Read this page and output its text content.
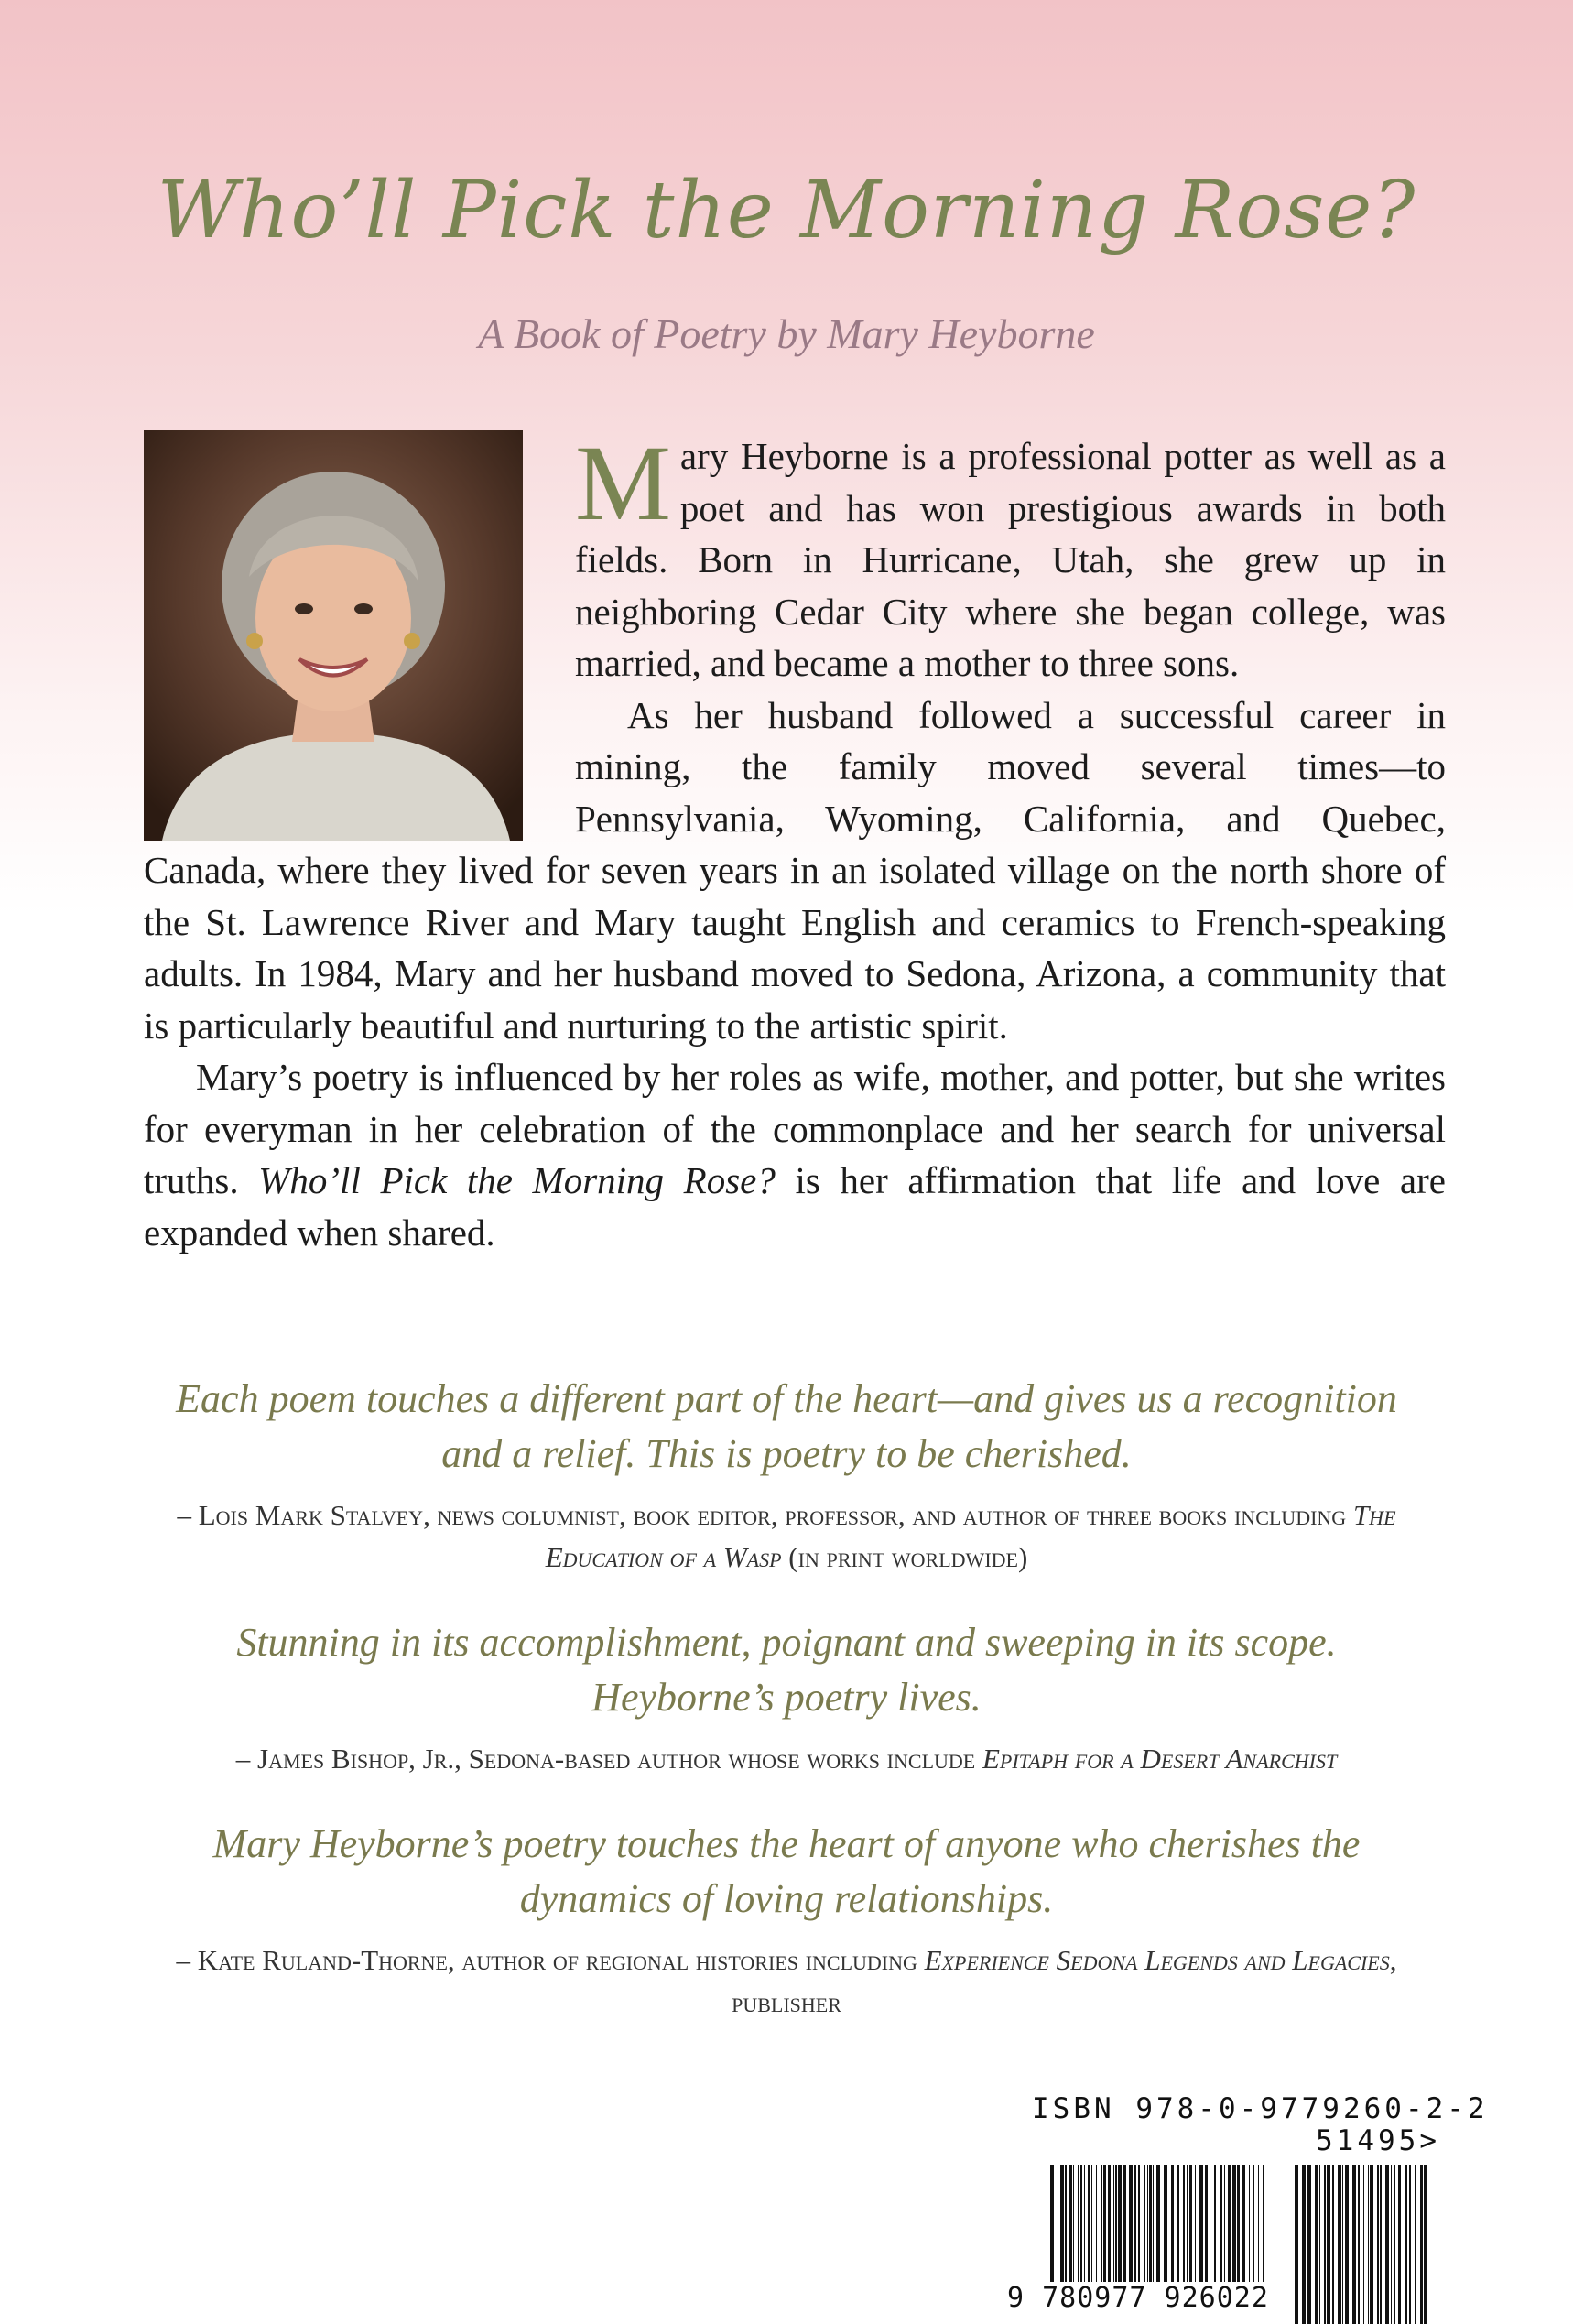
Who’ll Pick the Morning Rose?
A Book of Poetry by Mary Heyborne

Mary Heyborne is a professional potter as well as a poet and has won prestigious awards in both fields. Born in Hurricane, Utah, she grew up in neighboring Cedar City where she began college, was married, and became a mother to three sons.

As her husband followed a successful career in mining, the family moved several times—to Pennsylvania, Wyoming, California, and Quebec, Canada, where they lived for seven years in an isolated village on the north shore of the St. Lawrence River and Mary taught English and ceramics to French-speaking adults. In 1984, Mary and her husband moved to Sedona, Arizona, a community that is particularly beautiful and nurturing to the artistic spirit.

Mary’s poetry is influenced by her roles as wife, mother, and potter, but she writes for everyman in her celebration of the commonplace and her search for universal truths. Who’ll Pick the Morning Rose? is her affirmation that life and love are expanded when shared.

Each poem touches a different part of the heart—and gives us a recognition and a relief. This is poetry to be cherished.
– Lois Mark Stalvey, news columnist, book editor, professor, and author of three books including The Education of a Wasp (in print worldwide)
Stunning in its accomplishment, poignant and sweeping in its scope. Heyborne’s poetry lives.
– James Bishop, Jr., Sedona-based author whose works include Epitaph for a Desert Anarchist
Mary Heyborne’s poetry touches the heart of anyone who cherishes the dynamics of loving relationships.
– Kate Ruland-Thorne, author of regional histories including Experience Sedona Legends and Legacies, publisher
ISBN 978-0-9779260-2-2
51495>
9 780977 926022
